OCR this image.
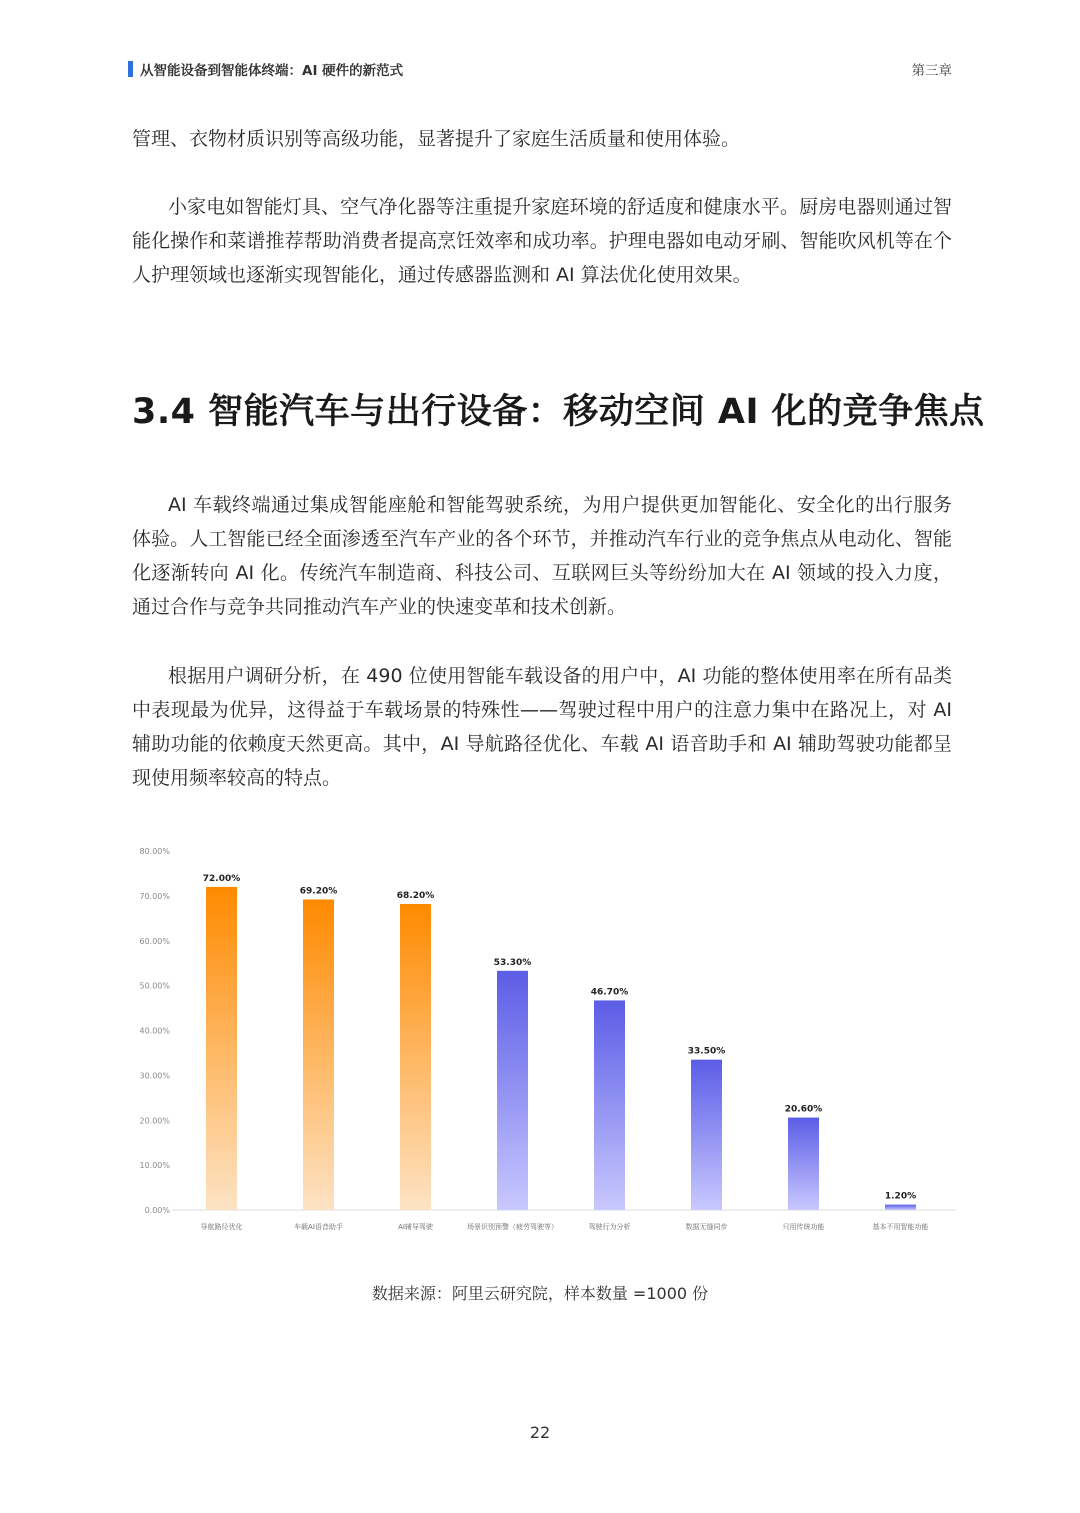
从智能设备到智能体终端：AI 硬件的新范式	第三章

管理、衣物材质识别等高级功能，显著提升了家庭生活质量和使用体验。

小家电如智能灯具、空气净化器等注重提升家庭环境的舒适度和健康水平。厨房电器则通过智能化操作和菜谱推荐帮助消费者提高烹饪效率和成功率。护理电器如电动牙刷、智能吹风机等在个人护理领域也逐渐实现智能化，通过传感器监测和 AI 算法优化使用效果。

3.4 智能汽车与出行设备：移动空间 AI 化的竞争焦点

AI 车载终端通过集成智能座舱和智能驾驶系统，为用户提供更加智能化、安全化的出行服务体验。人工智能已经全面渗透至汽车产业的各个环节，并推动汽车行业的竞争焦点从电动化、智能化逐渐转向 AI 化。传统汽车制造商、科技公司、互联网巨头等纷纷加大在 AI 领域的投入力度，通过合作与竞争共同推动汽车产业的快速变革和技术创新。

根据用户调研分析，在 490 位使用智能车载设备的用户中，AI 功能的整体使用率在所有品类中表现最为优异，这得益于车载场景的特殊性——驾驶过程中用户的注意力集中在路况上，对 AI 辅助功能的依赖度天然更高。其中，AI 导航路径优化、车载 AI 语音助手和 AI 辅助驾驶功能都呈现使用频率较高的特点。

0.00%
10.00%
20.00%
30.00%
40.00%
50.00%
60.00%
70.00%
80.00%
72.00%
导航路径优化
69.20%
车载AI语音助手
68.20%
AI辅导驾驶
53.30%
场景识别预警（疲劳驾驶等）
46.70%
驾驶行为分析
33.50%
数据无缝同步
20.60%
只用传统功能
1.20%
基本不用智能功能
数据来源：阿里云研究院，样本数量 =1000 份
22
